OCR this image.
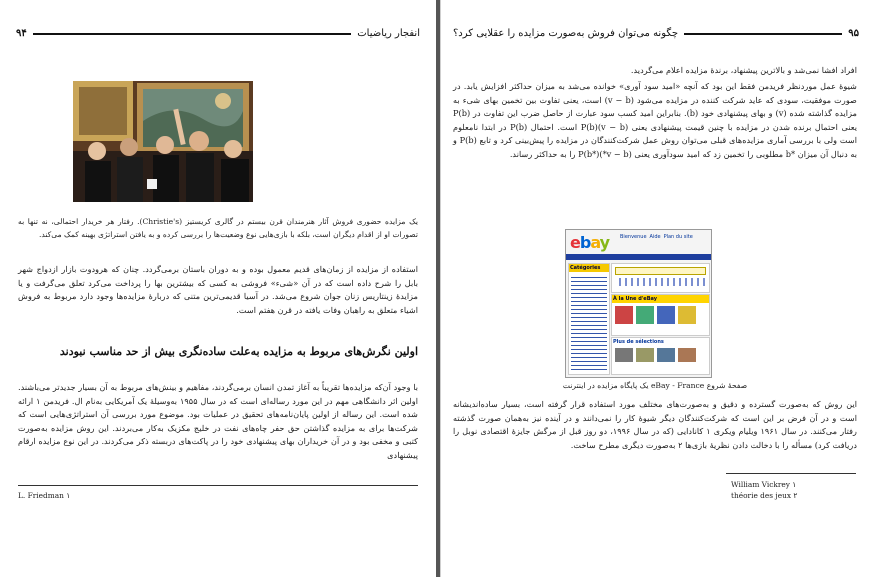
۹۴	انفجار ریاضیات
یک مزایده حضوری فروش آثار هنرمندان قرن بیستم در گالری کریستیز (Christie's). رفتار هر خریدار احتمالی، نه تنها به تصورات او از اقدام دیگران است، بلکه با بازی‌هایی نوع وضعیت‌ها را بررسی کرده و به یافتن استراتژی بهینه کمک می‌کند.
استفاده از مزایده از زمان‌های قدیم معمول بوده و به دوران باستان برمی‌گردد. چنان که هرودوت بازار ازدواج شهر بابل را شرح داده است که در آن «شیء» فروشی به کسی که بیشترین بها را پرداخت می‌کرد تعلق می‌گرفت و یا مزایدهٔ زینتاریس زنان جوان شروع می‌شد. در آسیا قدیمی‌ترین متنی که دربارهٔ مزایده‌ها وجود دارد مربوط به فروش اشیاء متعلق به راهبان وفات یافته در قرن هفتم است.
اولین نگرش‌های مربوط به مزایده به‌علت ساده‌نگری بیش از حد مناسب نبودند
با وجود آن‌که مزایده‌ها تقریباً به آغاز تمدن انسان برمی‌گردند، مفاهیم و بینش‌های مربوط به آن بسیار جدیدتر می‌باشند. اولین اثر دانشگاهی مهم در این مورد رساله‌ای است که در سال ۱۹۵۵ به‌وسیلهٔ یک آمریکایی به‌نام ال. فریدمن ۱ ارائه شده است. این رساله از اولین پایان‌نامه‌های تحقیق در عملیات بود. موضوع مورد بررسی آن استراتژی‌هایی است که شرکت‌ها برای به مزایده گذاشتن حق حفر چاه‌های نفت در خلیج مکزیک به‌کار می‌بردند. این روش مزایده به‌صورت کتبی و مخفی بود و در آن خریداران بهای پیشنهادی خود را در پاکت‌های دربسته ذکر می‌کردند. در این نوع مزایده ارقام پیشنهادی
L. Friedman ۱
چگونه می‌توان فروش به‌صورت مزایده را عقلایی کرد؟	۹۵
افراد افشا نمی‌شد و بالاترین پیشنهاد، برندهٔ مزایده اعلام می‌گردید.
شیوهٔ عمل مورد‌نظر فریدمن فقط این بود که آنچه «امید سود آوری» خوانده می‌شد به میزان حداکثر افزایش یابد. در صورت موفقیت، سودی که عاید شرکت کننده در مزایده می‌شود (v − b) است، یعنی تفاوت بین تخمین بهای شیء به مزایده گذاشته شده (v) و بهای پیشنهادی خود (b). بنابراین امید کسب سود عبارت از حاصل ضرب این تفاوت در P(b) یعنی احتمال برنده شدن در مزایده با چنین قیمت پیشنهادی یعنی (v − b)P(b) است. احتمال P(b) در ابتدا نامعلوم است ولی با بررسی آماری مزایده‌های قبلی می‌توان روش عمل شرکت‌کنندگان در مزایده را پیش‌بینی کرد و تابع P(b) و به دنبال آن میزان *b مطلوبی را تخمین زد که امید سودآوری یعنی (v − b*)P(b*) را به حداکثر رساند.
صفحهٔ شروع eBay - France یک پایگاه مزایده در اینترنت
این روش که به‌صورت گسترده و دقیق و به‌صورت‌های مختلف مورد استفاده قرار گرفته است، بسیار ساده‌اندیشانه است و در آن فرض بر این است که شرکت‌کنندگان دیگر شیوهٔ کار را نمی‌دانند و در آینده نیز به‌همان صورت گذشته رفتار می‌کنند. در سال ۱۹۶۱ ویلیام ویکری ۱ کانادایی (که در سال ۱۹۹۶، دو روز قبل از مرگش جایزهٔ اقتصادی نوبل را دریافت کرد) مسأله را با دخالت دادن نظریهٔ بازی‌ها ۲ به‌صورت دیگری مطرح ساخت.
William Vickrey ۱
théorie des jeux ۲
ebay Bienvenue Aide Plan du site
Catégories
À la Une d'eBay
Plus de sélections
